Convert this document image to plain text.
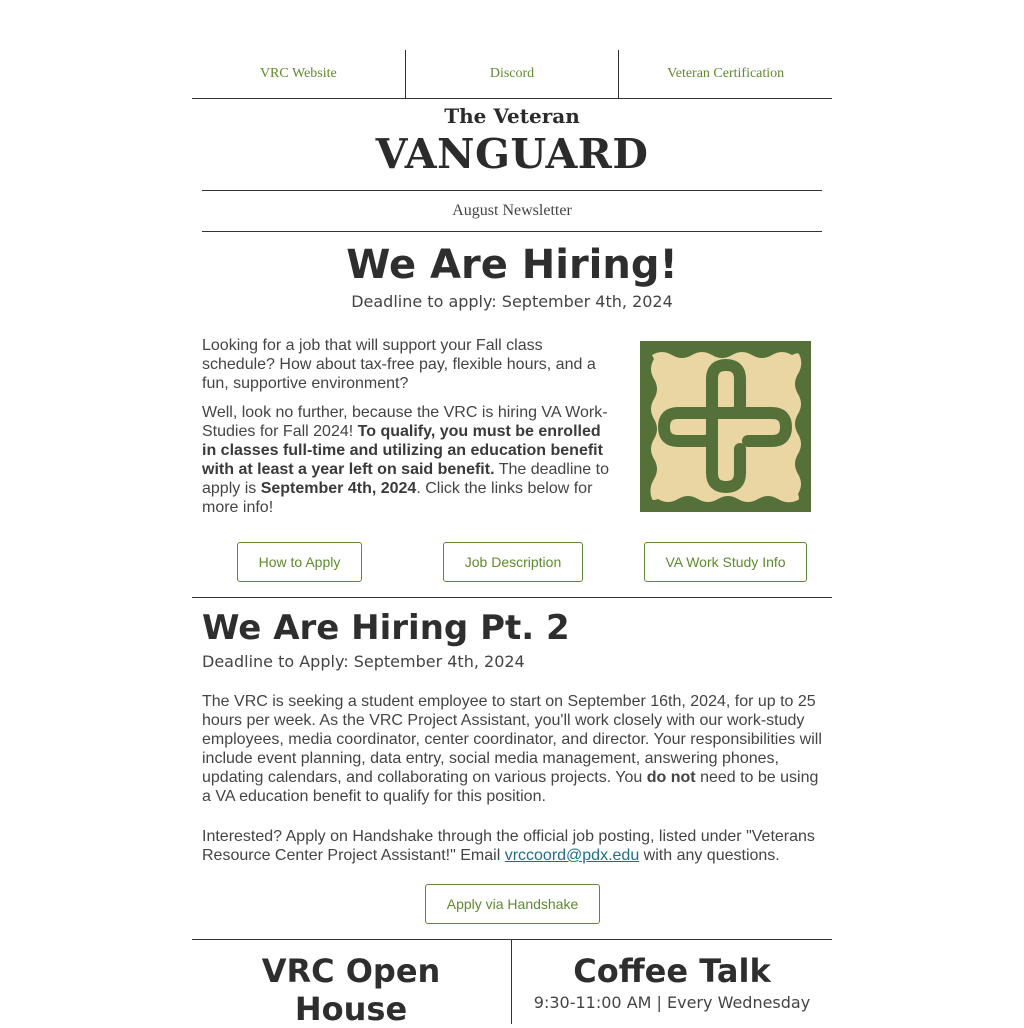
VRC Website	Discord	Veteran Certification
The Veteran
VANGUARD
August Newsletter
We Are Hiring!
Deadline to apply: September 4th, 2024

Looking for a job that will support your Fall class schedule? How about tax-free pay, flexible hours, and a fun, supportive environment?

Well, look no further, because the VRC is hiring VA Work-Studies for Fall 2024! To qualify, you must be enrolled in classes full-time and utilizing an education benefit with at least a year left on said benefit. The deadline to apply is September 4th, 2024. Click the links below for more info!

How to Apply	Job Description	VA Work Study Info
We Are Hiring Pt. 2
Deadline to Apply: September 4th, 2024

The VRC is seeking a student employee to start on September 16th, 2024, for up to 25 hours per week. As the VRC Project Assistant, you'll work closely with our work-study employees, media coordinator, center coordinator, and director. Your responsibilities will include event planning, data entry, social media management, answering phones, updating calendars, and collaborating on various projects. You do not need to be using a VA education benefit to qualify for this position.

Interested? Apply on Handshake through the official job posting, listed under "Veterans Resource Center Project Assistant!" Email vrccoord@pdx.edu with any questions.

Apply via Handshake
VRC Open House
Coffee Talk
9:30-11:00 AM | Every Wednesday
